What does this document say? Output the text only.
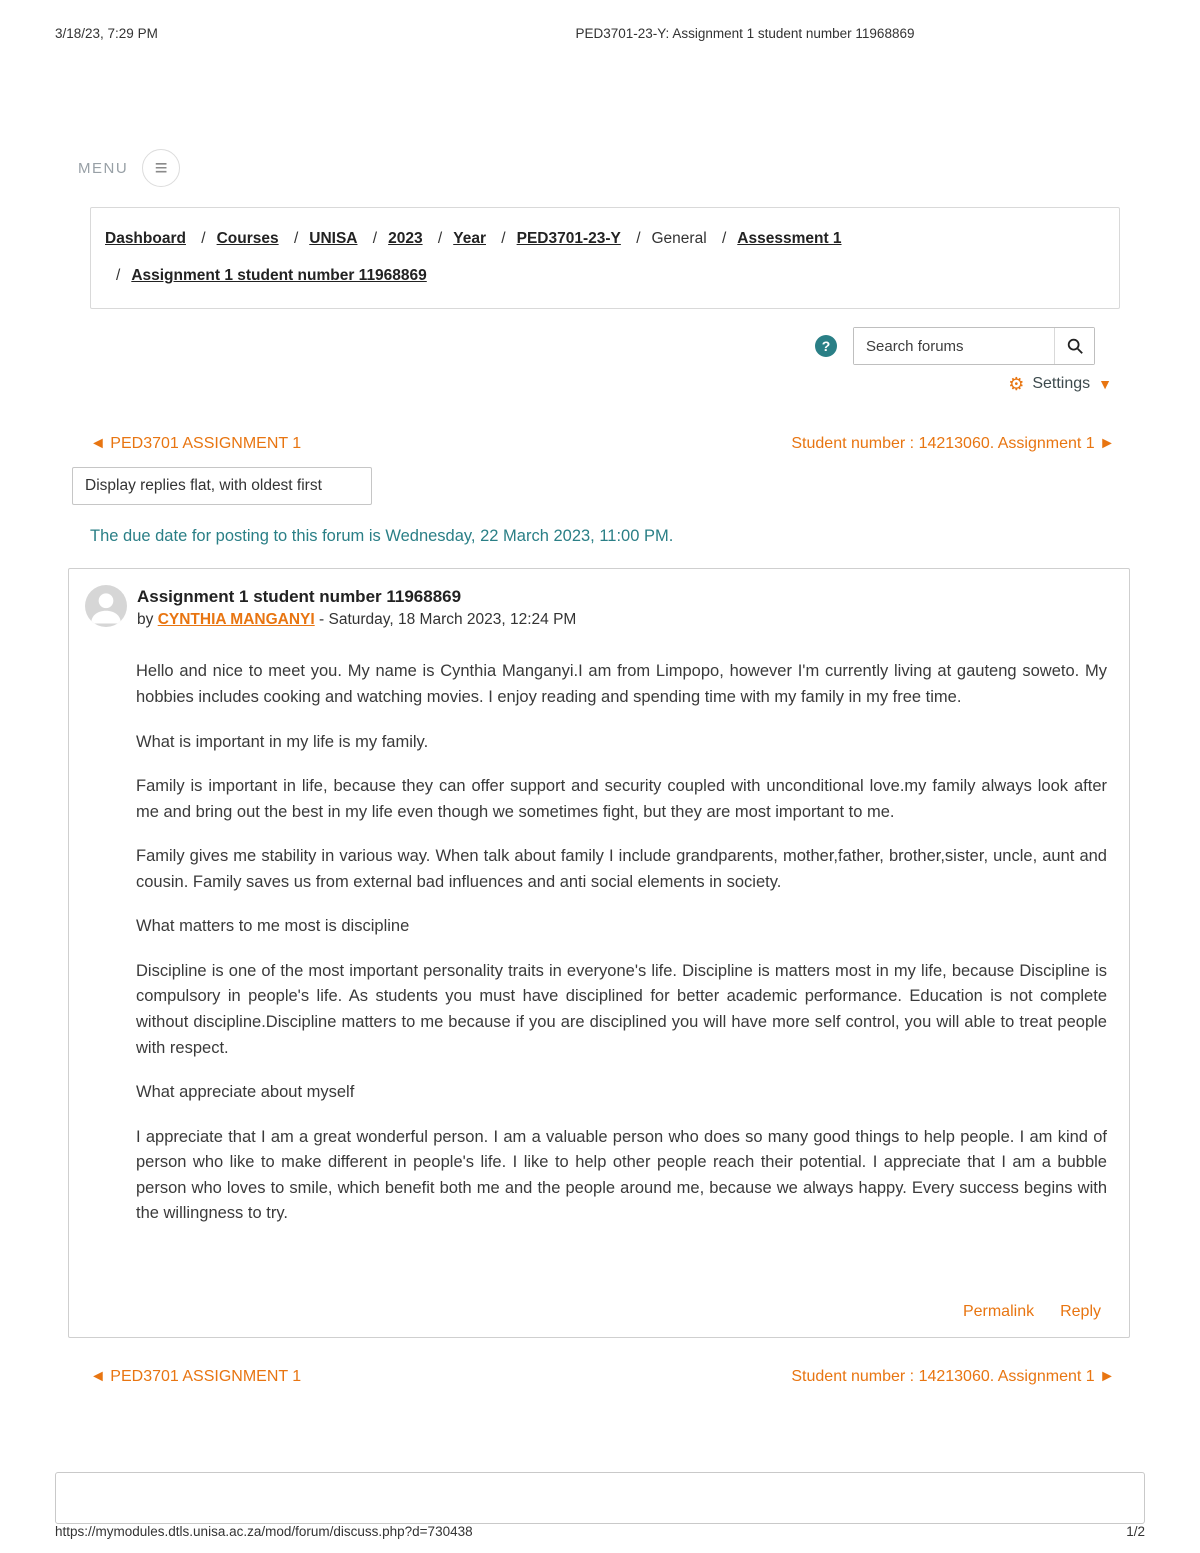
3/18/23, 7:29 PM	PED3701-23-Y: Assignment 1 student number 11968869
MENU ≡
Dashboard / Courses / UNISA / 2023 / Year / PED3701-23-Y / General / Assessment 1 / Assignment 1 student number 11968869
?
Search forums
⚙ Settings ▼
◄ PED3701 ASSIGNMENT 1	Student number : 14213060. Assignment 1 ►
Display replies flat, with oldest first

The due date for posting to this forum is Wednesday, 22 March 2023, 11:00 PM.

Assignment 1 student number 11968869
by CYNTHIA MANGANYI - Saturday, 18 March 2023, 12:24 PM

Hello and nice to meet you. My name is Cynthia Manganyi.I am from Limpopo, however I'm currently living at gauteng soweto. My hobbies includes cooking and watching movies. I enjoy reading and spending time with my family in my free time.

What is important in my life is my family.

Family is important in life, because they can offer support and security coupled with unconditional love.my family always look after me and bring out the best in my life even though we sometimes fight, but they are most important to me.

Family gives me stability in various way. When talk about family I include grandparents, mother,father, brother,sister, uncle, aunt and cousin. Family saves us from external bad influences and anti social elements in society.

What matters to me most is discipline

Discipline is one of the most important personality traits in everyone's life. Discipline is matters most in my life, because Discipline is compulsory in people's life. As students you must have disciplined for better academic performance. Education is not complete without discipline.Discipline matters to me because if you are disciplined you will have more self control, you will able to treat people with respect.

What appreciate about myself

I appreciate that I am a great wonderful person. I am a valuable person who does so many good things to help people. I am kind of person who like to make different in people's life. I like to help other people reach their potential. I appreciate that I am a bubble person who loves to smile, which benefit both me and the people around me, because we always happy. Every success begins with the willingness to try.

Permalink Reply
◄ PED3701 ASSIGNMENT 1	Student number : 14213060. Assignment 1 ►
https://mymodules.dtls.unisa.ac.za/mod/forum/discuss.php?d=730438	1/2
